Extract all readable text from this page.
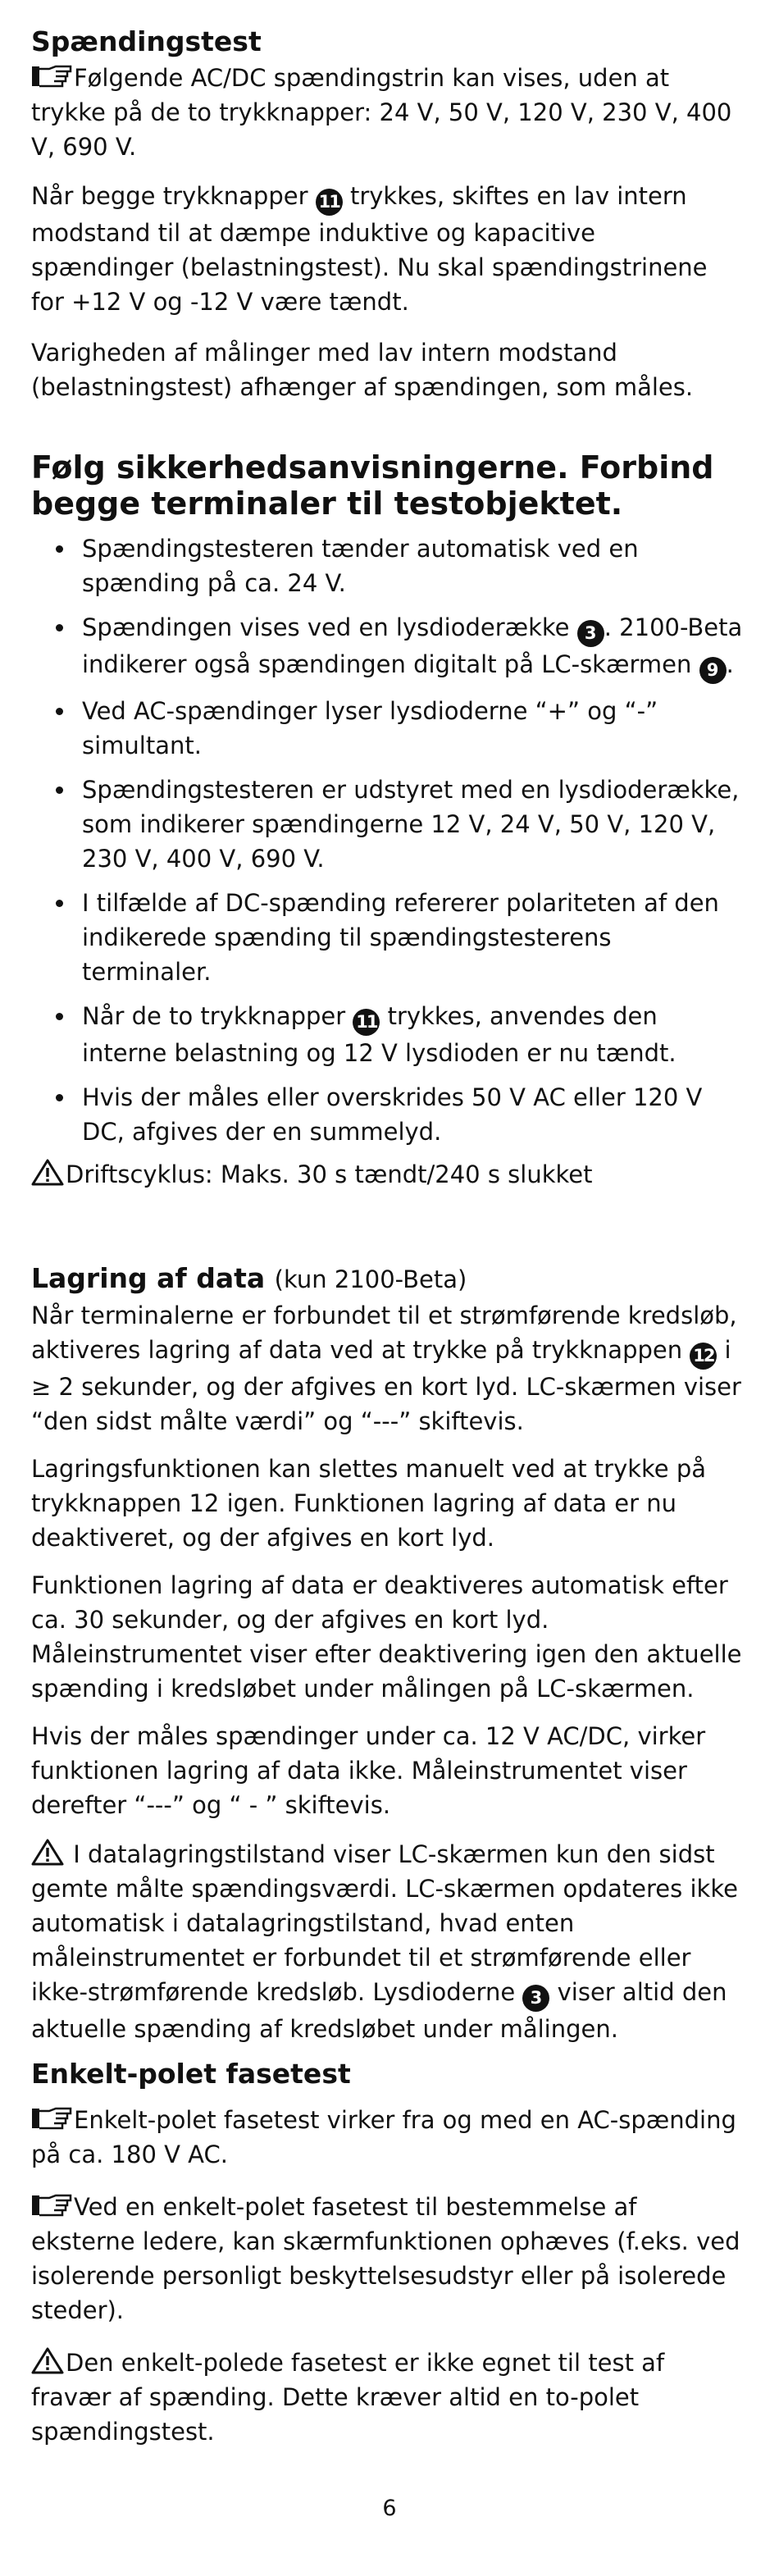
Spændingstest

Følgende AC/DC spændingstrin kan vises, uden at trykke på de to trykknapper: 24 V, 50 V, 120 V, 230 V, 400 V, 690 V.

Når begge trykknapper 11 trykkes, skiftes en lav intern modstand til at dæmpe induktive og kapacitive spændinger (belastningstest). Nu skal spændingstrinene for +12 V og -12 V være tændt.

Varigheden af målinger med lav intern modstand (belastningstest) afhænger af spændingen, som måles.

Følg sikkerhedsanvisningerne. Forbind begge terminaler til testobjektet.

Spændingstesteren tænder automatisk ved en spænding på ca. 24 V.

Spændingen vises ved en lysdioderække 3 . 2100-Beta indikerer også spændingen digitalt på LC-skærmen 9 .

Ved AC-spændinger lyser lysdioderne “+” og “-” simultant.

Spændingstesteren er udstyret med en lysdioderække, som indikerer spændingerne 12 V, 24 V, 50 V, 120 V, 230 V, 400 V, 690 V.

I tilfælde af DC-spænding refererer polariteten af den indikerede spænding til spændingstesterens terminaler.

Når de to trykknapper 11 trykkes, anvendes den interne belastning og 12 V lysdioden er nu tændt.

Hvis der måles eller overskrides 50 V AC eller 120 V DC, afgives der en summelyd.

Driftscyklus: Maks. 30 s tændt/240 s slukket

Lagring af data (kun 2100-Beta)

Når terminalerne er forbundet til et strømførende kredsløb, aktiveres lagring af data ved at trykke på trykknappen 12 i ≥ 2 sekunder, og der afgives en kort lyd. LC-skærmen viser “den sidst målte værdi” og “---” skiftevis.

Lagringsfunktionen kan slettes manuelt ved at trykke på trykknappen 12 igen. Funktionen lagring af data er nu deaktiveret, og der afgives en kort lyd.

Funktionen lagring af data er deaktiveres automatisk efter ca. 30 sekunder, og der afgives en kort lyd. Måleinstrumentet viser efter deaktivering igen den aktuelle spænding i kredsløbet under målingen på LC-skærmen.

Hvis der måles spændinger under ca. 12 V AC/DC, virker funktionen lagring af data ikke. Måleinstrumentet viser derefter “---” og “ - ” skiftevis.

I datalagringstilstand viser LC-skærmen kun den sidst gemte målte spændingsværdi. LC-skærmen opdateres ikke automatisk i datalagringstilstand, hvad enten måleinstrumentet er forbundet til et strømførende eller ikke-strømførende kredsløb. Lysdioderne 3 viser altid den aktuelle spænding af kredsløbet under målingen.

Enkelt-polet fasetest

Enkelt-polet fasetest virker fra og med en AC-spænding på ca. 180 V AC.

Ved en enkelt-polet fasetest til bestemmelse af eksterne ledere, kan skærmfunktionen ophæves (f.eks. ved isolerende personligt beskyttelsesudstyr eller på isolerede steder).

Den enkelt-polede fasetest er ikke egnet til test af fravær af spænding. Dette kræver altid en to-polet spændingstest.

6
